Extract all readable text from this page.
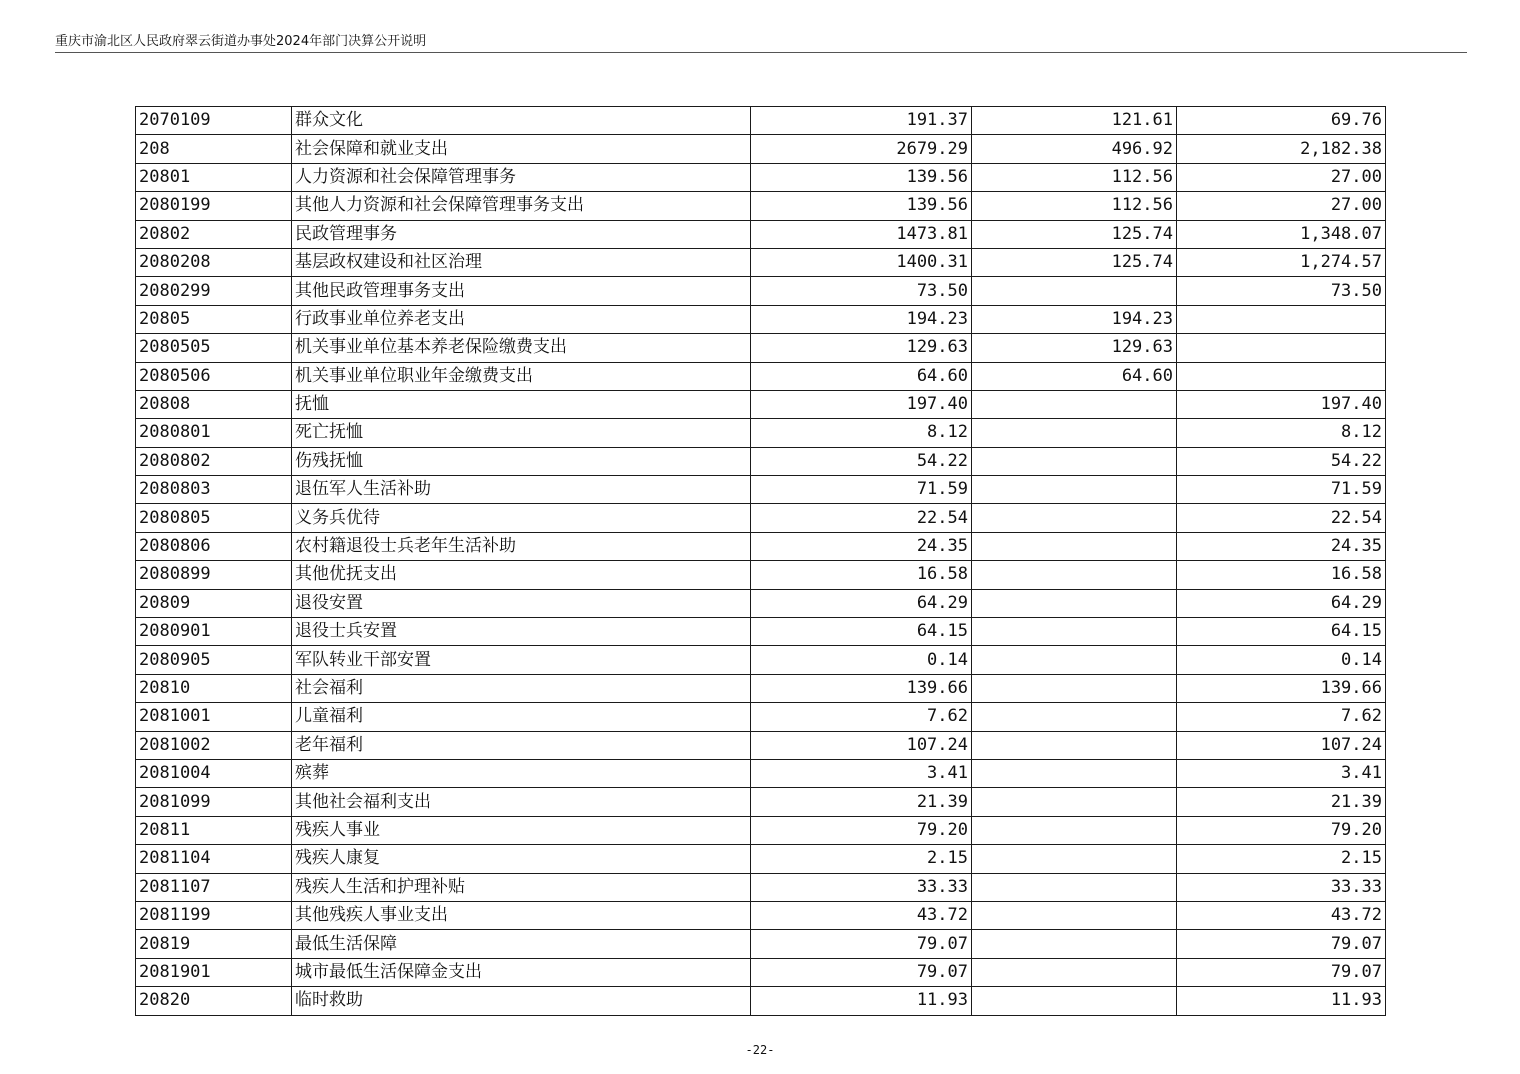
重庆市渝北区人民政府翠云街道办事处2024年部门决算公开说明
2070109	群众文化	191.37	121.61	69.76
208	社会保障和就业支出	2679.29	496.92	2,182.38
20801	人力资源和社会保障管理事务	139.56	112.56	27.00
2080199	其他人力资源和社会保障管理事务支出	139.56	112.56	27.00
20802	民政管理事务	1473.81	125.74	1,348.07
2080208	基层政权建设和社区治理	1400.31	125.74	1,274.57
2080299	其他民政管理事务支出	73.50		73.50
20805	行政事业单位养老支出	194.23	194.23	
2080505	机关事业单位基本养老保险缴费支出	129.63	129.63	
2080506	机关事业单位职业年金缴费支出	64.60	64.60	
20808	抚恤	197.40		197.40
2080801	死亡抚恤	8.12		8.12
2080802	伤残抚恤	54.22		54.22
2080803	退伍军人生活补助	71.59		71.59
2080805	义务兵优待	22.54		22.54
2080806	农村籍退役士兵老年生活补助	24.35		24.35
2080899	其他优抚支出	16.58		16.58
20809	退役安置	64.29		64.29
2080901	退役士兵安置	64.15		64.15
2080905	军队转业干部安置	0.14		0.14
20810	社会福利	139.66		139.66
2081001	儿童福利	7.62		7.62
2081002	老年福利	107.24		107.24
2081004	殡葬	3.41		3.41
2081099	其他社会福利支出	21.39		21.39
20811	残疾人事业	79.20		79.20
2081104	残疾人康复	2.15		2.15
2081107	残疾人生活和护理补贴	33.33		33.33
2081199	其他残疾人事业支出	43.72		43.72
20819	最低生活保障	79.07		79.07
2081901	城市最低生活保障金支出	79.07		79.07
20820	临时救助	11.93		11.93
-22-
